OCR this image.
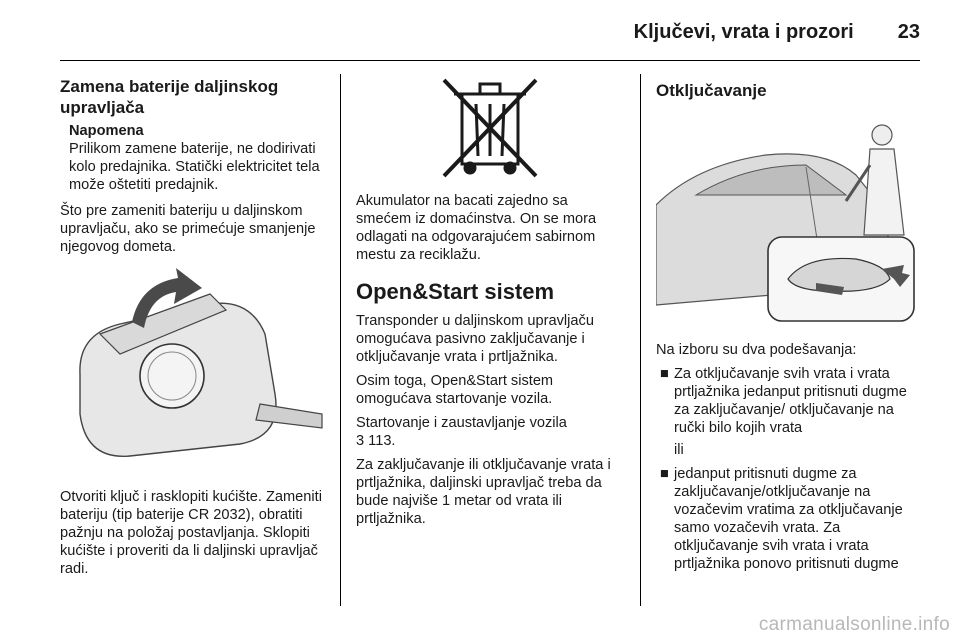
Ključevi, vrata i prozori 23
Zamena baterije daljinskog upravljača
Napomena

Prilikom zamene baterije, ne dodirivati kolo predajnika. Statički elektricitet tela može oštetiti predajnik.

Što pre zameniti bateriju u daljinskom upravljaču, ako se primećuje smanjenje njegovog dometa.

Otvoriti ključ i rasklopiti kućište. Zameniti bateriju (tip baterije CR 2032), obratiti pažnju na položaj postavljanja. Sklopiti kućište i proveriti da li daljinski upravljač radi.

Akumulator na bacati zajedno sa smećem iz domaćinstva. On se mora odlagati na odgovarajućem sabirnom mestu za reciklažu.

Open&Start sistem

Transponder u daljinskom upravljaču omogućava pasivno zaključavanje i otključavanje vrata i prtljažnika.

Osim toga, Open&Start sistem omogućava startovanje vozila.

Startovanje i zaustavljanje vozila
3 113.

Za zaključavanje ili otključavanje vrata i prtljažnika, daljinski upravljač treba da bude najviše 1 metar od vrata ili prtljažnika.

Otključavanje

Na izboru su dva podešavanja:

■ Za otključavanje svih vrata i vrata prtljažnika jedanput pritisnuti dugme za zaključavanje/ otključavanje na ručki bilo kojih vrata
ili
■ jedanput pritisnuti dugme za zaključavanje/otključavanje na vozačevim vratima za otključavanje samo vozačevih vrata. Za otključavanje svih vrata i vrata prtljažnika ponovo pritisnuti dugme
carmanualsonline.info
